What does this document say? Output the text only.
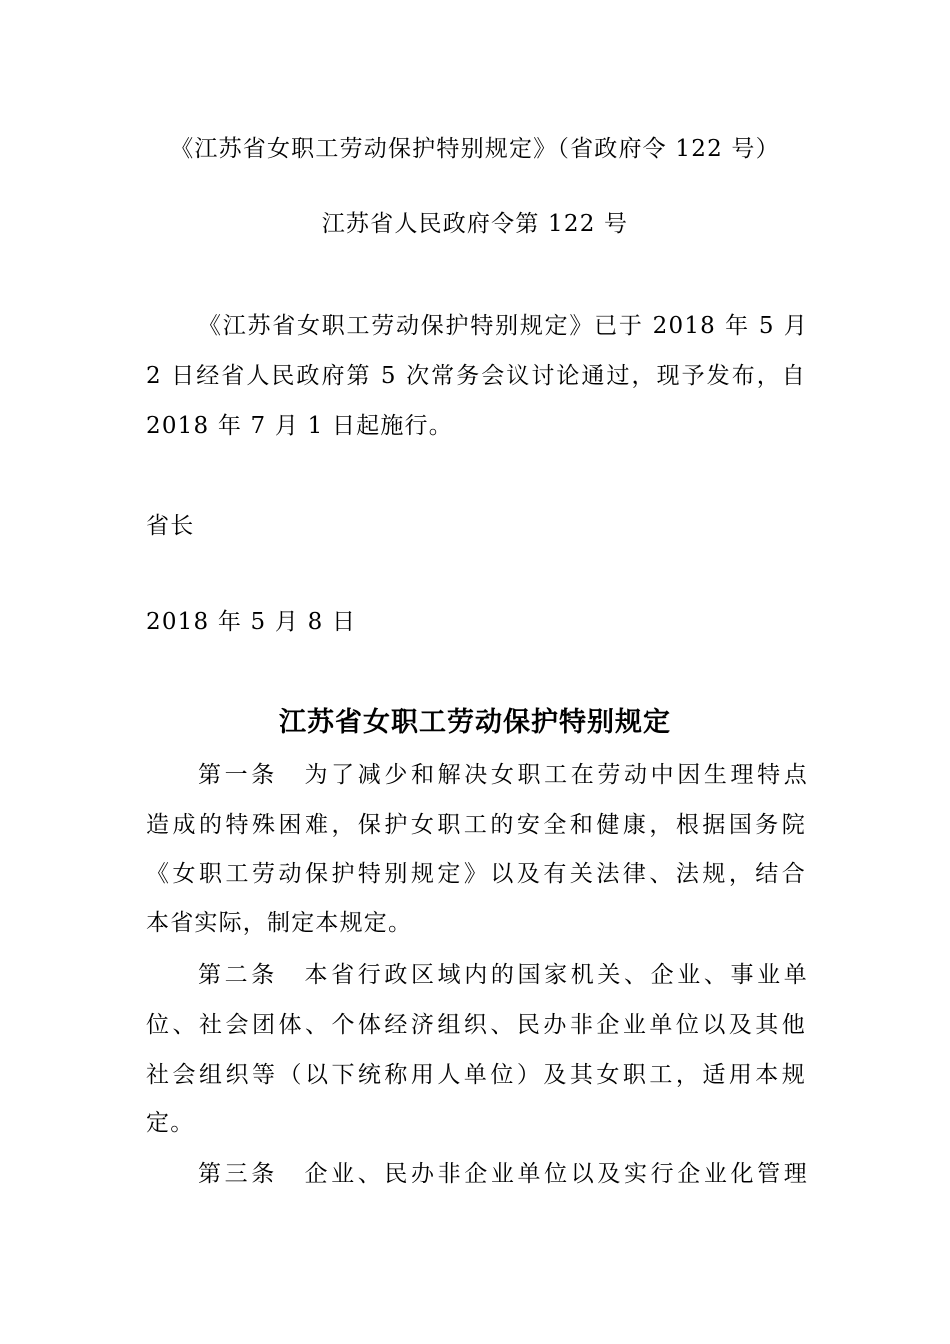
《江苏省女职工劳动保护特别规定》（省政府令 122 号）
江苏省人民政府令第 122 号
《江苏省女职工劳动保护特别规定》已于 2018 年 5 月
2 日经省人民政府第 5 次常务会议讨论通过，现予发布，自
2018 年 7 月 1 日起施行。
省长
2018 年 5 月 8 日
江苏省女职工劳动保护特别规定
第一条　为了减少和解决女职工在劳动中因生理特点
造成的特殊困难，保护女职工的安全和健康，根据国务院
《女职工劳动保护特别规定》以及有关法律、法规，结合
本省实际，制定本规定。
第二条　本省行政区域内的国家机关、企业、事业单
位、社会团体、个体经济组织、民办非企业单位以及其他
社会组织等（以下统称用人单位）及其女职工，适用本规
定。
第三条　企业、民办非企业单位以及实行企业化管理
